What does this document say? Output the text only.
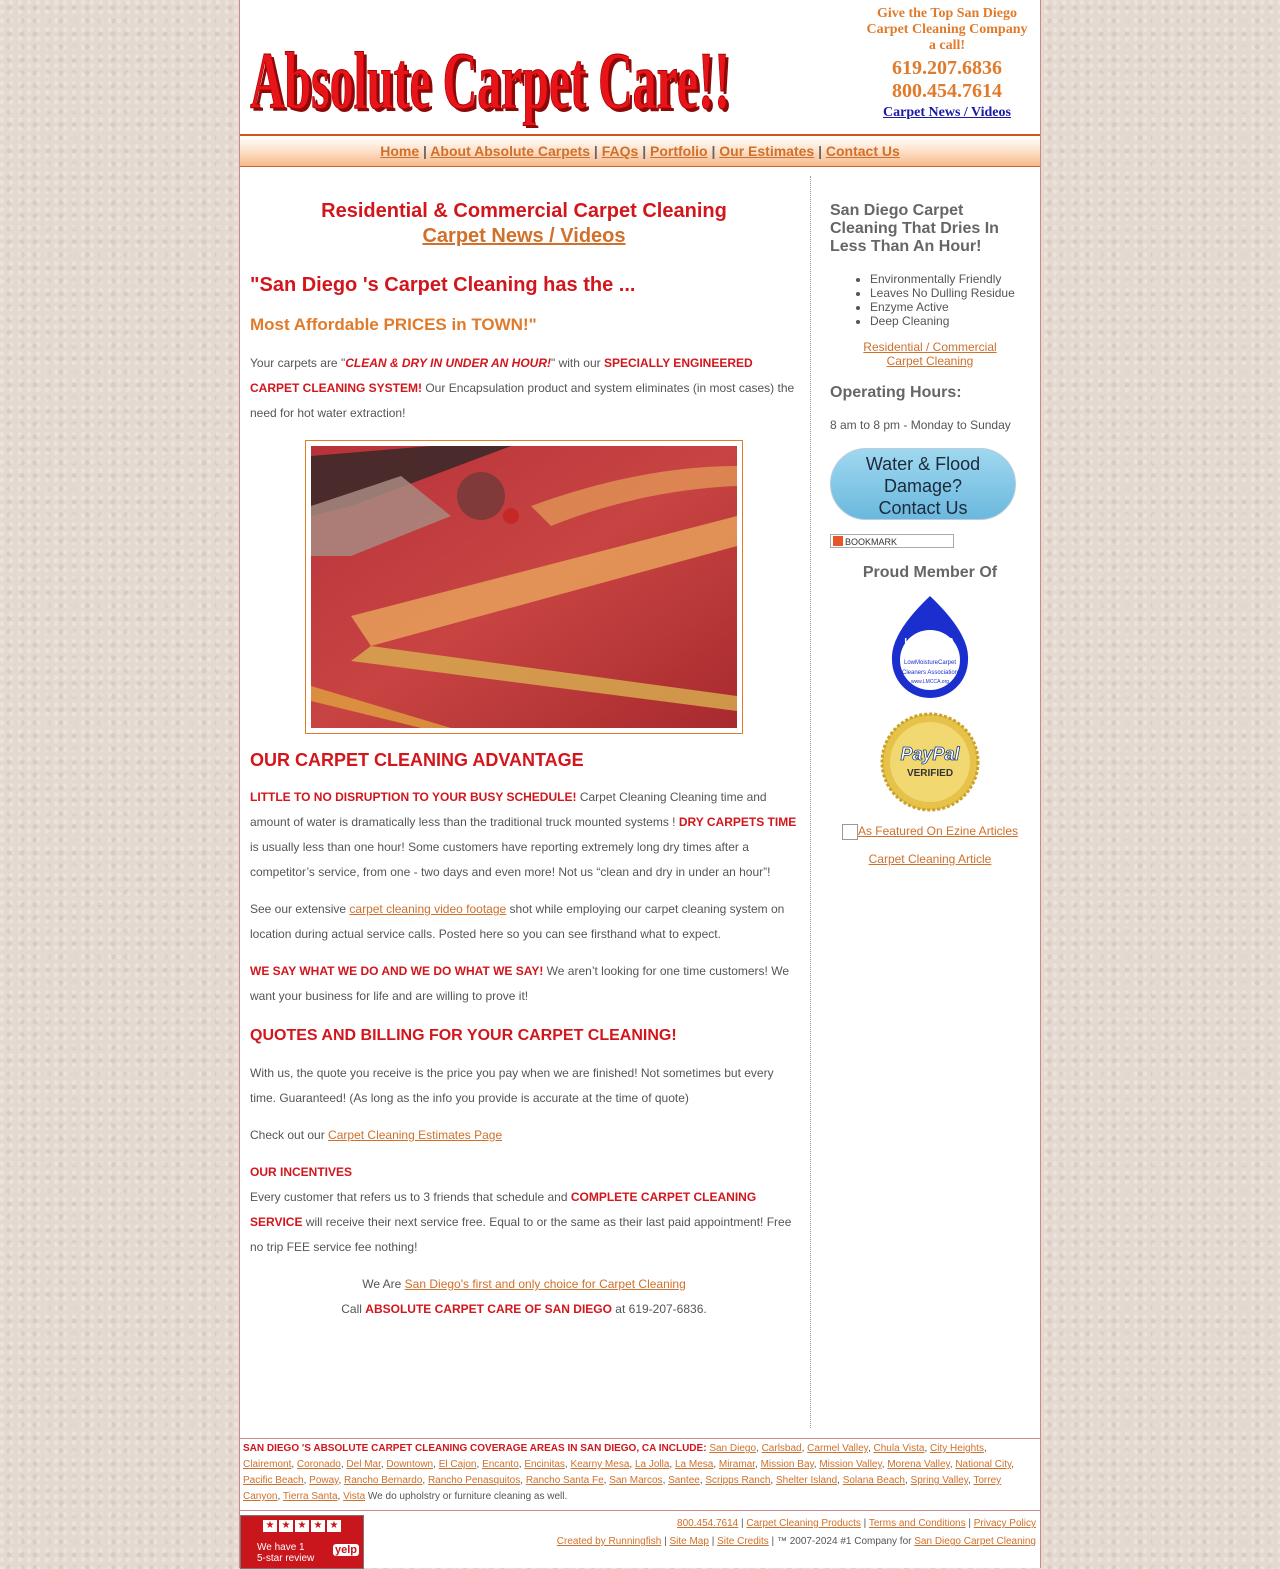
Absolute Carpet Care!!
Absolute Carpet Care!!
Give the Top San Diego
Carpet Cleaning Company
a call!
619.207.6836
800.454.7614
Carpet News / Videos
Home | About Absolute Carpets | FAQs | Portfolio | Our Estimates | Contact Us
Residential & Commercial Carpet Cleaning
Carpet News / Videos
"San Diego 's Carpet Cleaning has the ...
Most Affordable PRICES in TOWN!"

Your carpets are "CLEAN & DRY IN UNDER AN HOUR!" with our SPECIALLY ENGINEERED CARPET CLEANING SYSTEM! Our Encapsulation product and system eliminates (in most cases) the need for hot water extraction!

OUR CARPET CLEANING ADVANTAGE

LITTLE TO NO DISRUPTION TO YOUR BUSY SCHEDULE! Carpet Cleaning Cleaning time and amount of water is dramatically less than the traditional truck mounted systems ! DRY CARPETS TIME is usually less than one hour! Some customers have reporting extremely long dry times after a competitor’s service, from one - two days and even more! Not us “clean and dry in under an hour”!

See our extensive carpet cleaning video footage shot while employing our carpet cleaning system on location during actual service calls. Posted here so you can see firsthand what to expect.

WE SAY WHAT WE DO AND WE DO WHAT WE SAY! We aren’t looking for one time customers! We want your business for life and are willing to prove it!

QUOTES AND BILLING FOR YOUR CARPET CLEANING!

With us, the quote you receive is the price you pay when we are finished! Not sometimes but every time. Guaranteed! (As long as the info you provide is accurate at the time of quote)

Check out our Carpet Cleaning Estimates Page

OUR INCENTIVES

Every customer that refers us to 3 friends that schedule and COMPLETE CARPET CLEANING SERVICE will receive their next service free. Equal to or the same as their last paid appointment! Free no trip FEE service fee nothing!

We Are San Diego's first and only choice for Carpet Cleaning

Call ABSOLUTE CARPET CARE OF SAN DIEGO at 619-207-6836.

San Diego Carpet Cleaning That Dries In Less Than An Hour!
• Environmentally Friendly
• Leaves No Dulling Residue
• Enzyme Active
• Deep Cleaning
Residential / Commercial Carpet Cleaning
Operating Hours:
8 am to 8 pm - Monday to Sunday
Water & Flood
Damage?
Contact Us
BOOKMARK
Proud Member Of
LMCCA
LowMoistureCarpet
Cleaners Association
www.LMCCA.org
PayPal
VERIFIED
As Featured On Ezine Articles
Carpet Cleaning Article
SAN DIEGO 'S ABSOLUTE CARPET CLEANING COVERAGE AREAS IN SAN DIEGO, CA INCLUDE: San Diego, Carlsbad, Carmel Valley, Chula Vista, City Heights, Clairemont, Coronado, Del Mar, Downtown, El Cajon, Encanto, Encinitas, Kearny Mesa, La Jolla, La Mesa, Miramar, Mission Bay, Mission Valley, Morena Valley, National City, Pacific Beach, Poway, Rancho Bernardo, Rancho Penasquitos, Rancho Santa Fe, San Marcos, Santee, Scripps Ranch, Shelter Island, Solana Beach, Spring Valley, Torrey Canyon, Tierra Santa, Vista We do upholstry or furniture cleaning as well.
★ ★ ★ ★ ★
We have 1
5-star review
yelp
800.454.7614 | Carpet Cleaning Products | Terms and Conditions | Privacy Policy
Created by Runningfish | Site Map | Site Credits | ™ 2007-2024 #1 Company for San Diego Carpet Cleaning
